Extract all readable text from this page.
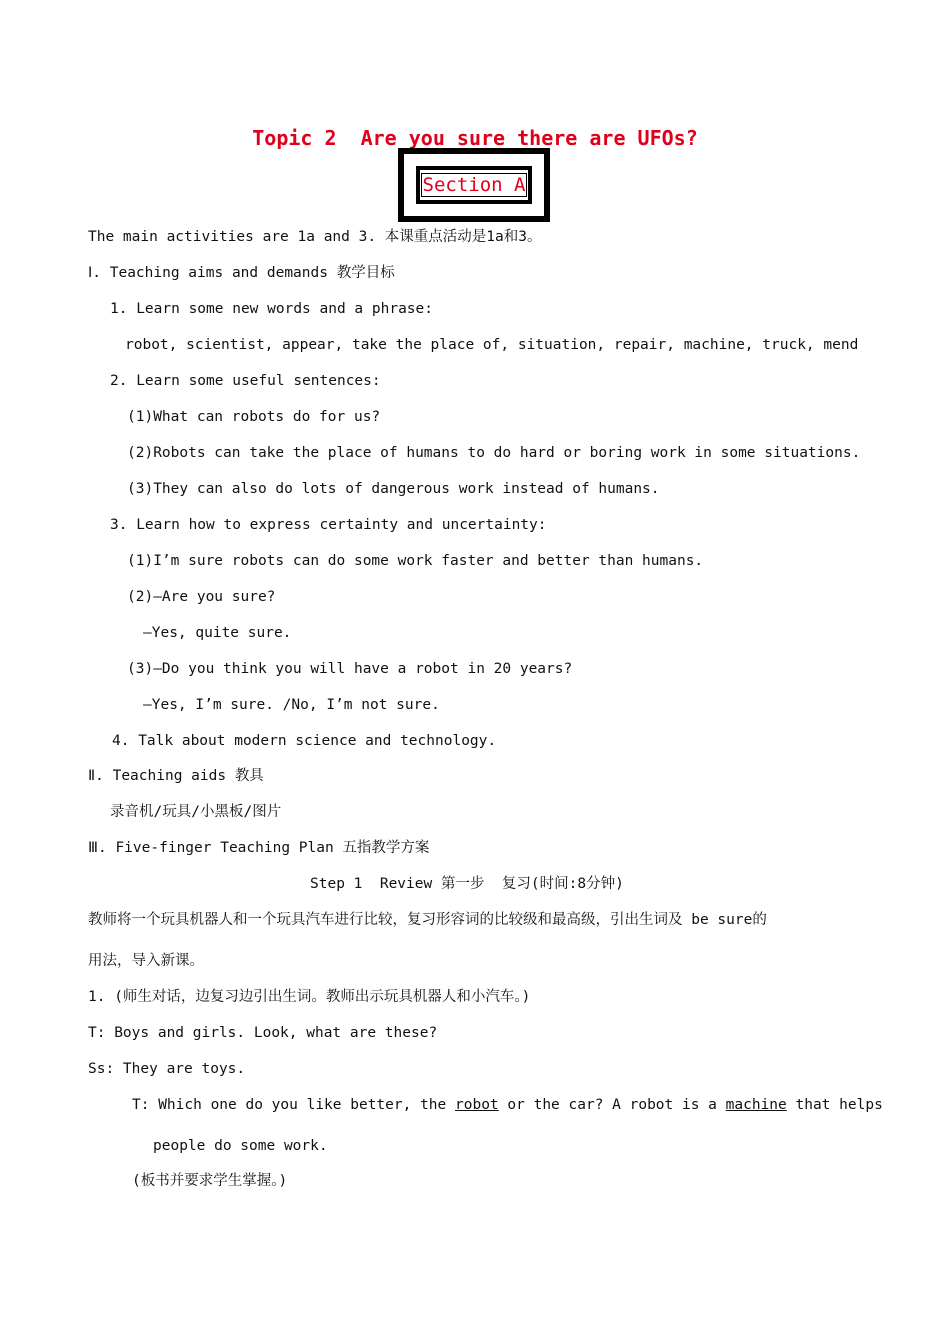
Topic 2  Are you sure there are UFOs?
Section A
The main activities are 1a and 3. 本课重点活动是1a和3。
Ⅰ. Teaching aims and demands 教学目标
1. Learn some new words and a phrase:
robot, scientist, appear, take the place of, situation, repair, machine, truck, mend
2. Learn some useful sentences:
(1)What can robots do for us?
(2)Robots can take the place of humans to do hard or boring work in some situations.
(3)They can also do lots of dangerous work instead of humans.
3. Learn how to express certainty and uncertainty:
(1)I’m sure robots can do some work faster and better than humans.
(2)—Are you sure?
—Yes, quite sure.
(3)—Do you think you will have a robot in 20 years?
—Yes, I’m sure. /No, I’m not sure.
4. Talk about modern science and technology.
Ⅱ. Teaching aids 教具
录音机/玩具/小黑板/图片
Ⅲ. Five-finger Teaching Plan 五指教学方案
Step 1  Review 第一步  复习(时间:8分钟)
教师将一个玩具机器人和一个玩具汽车进行比较，复习形容词的比较级和最高级，引出生词及 be sure的
用法，导入新课。
1. (师生对话，边复习边引出生词。教师出示玩具机器人和小汽车。)
T: Boys and girls. Look, what are these?
Ss: They are toys.
T: Which one do you like better, the robot or the car? A robot is a machine that helps
people do some work.
(板书并要求学生掌握。)
